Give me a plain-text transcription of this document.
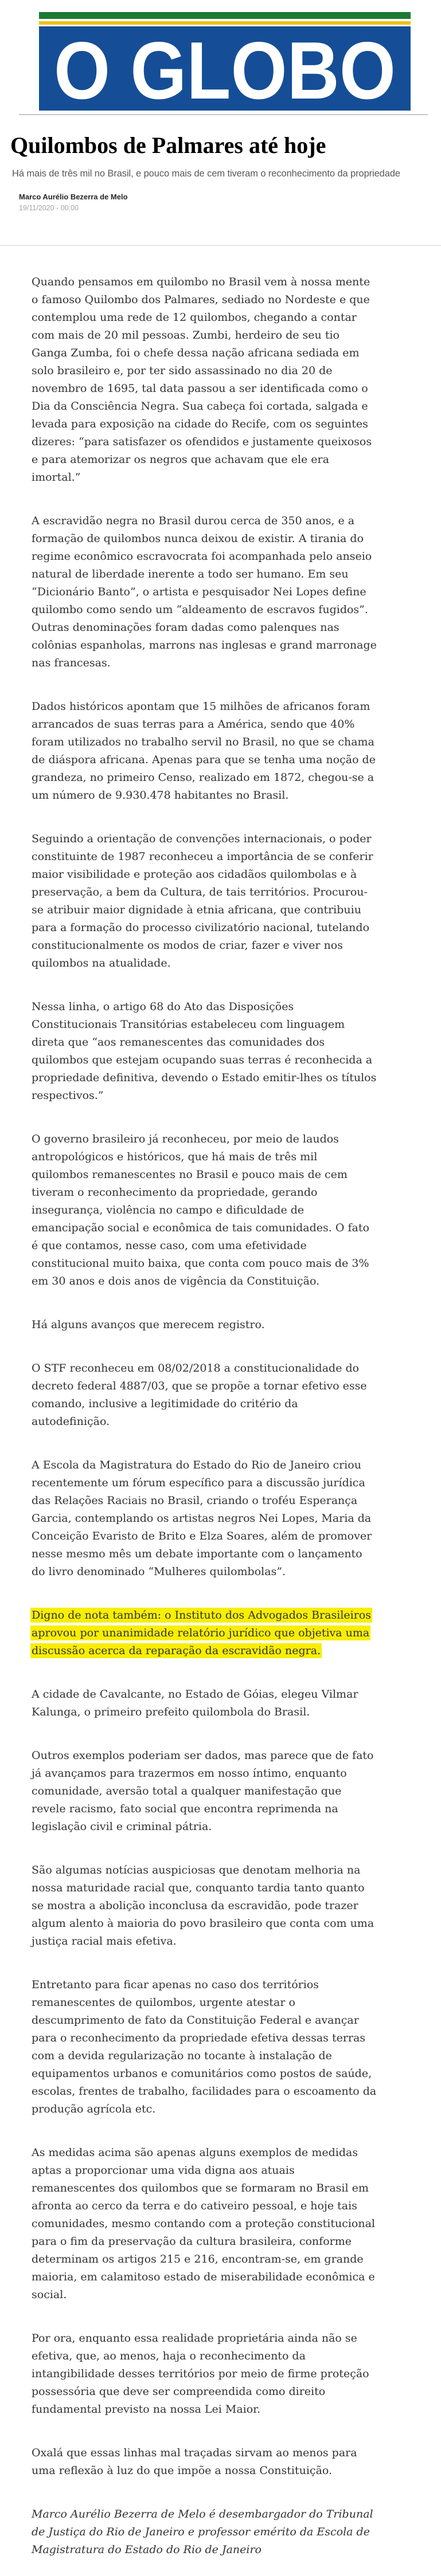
O GLOBO
Quilombos de Palmares até hoje

Há mais de três mil no Brasil, e pouco mais de cem tiveram o reconhecimento da propriedade

Marco Aurélio Bezerra de Melo
19/11/2020 - 00:00

Quando pensamos em quilombo no Brasil vem à nossa mente o famoso Quilombo dos Palmares, sediado no Nordeste e que contemplou uma rede de 12 quilombos, chegando a contar com mais de 20 mil pessoas. Zumbi, herdeiro de seu tio Ganga Zumba, foi o chefe dessa nação africana sediada em solo brasileiro e, por ter sido assassinado no dia 20 de novembro de 1695, tal data passou a ser identificada como o Dia da Consciência Negra. Sua cabeça foi cortada, salgada e levada para exposição na cidade do Recife, com os seguintes dizeres: “para satisfazer os ofendidos e justamente queixosos e para atemorizar os negros que achavam que ele era imortal.”

A escravidão negra no Brasil durou cerca de 350 anos, e a formação de quilombos nunca deixou de existir. A tirania do regime econômico escravocrata foi acompanhada pelo anseio natural de liberdade inerente a todo ser humano. Em seu “Dicionário Banto”, o artista e pesquisador Nei Lopes define quilombo como sendo um “aldeamento de escravos fugidos”. Outras denominações foram dadas como palenques nas colônias espanholas, marrons nas inglesas e grand marronage nas francesas.

Dados históricos apontam que 15 milhões de africanos foram arrancados de suas terras para a América, sendo que 40% foram utilizados no trabalho servil no Brasil, no que se chama de diáspora africana. Apenas para que se tenha uma noção de grandeza, no primeiro Censo, realizado em 1872, chegou-se a um número de 9.930.478 habitantes no Brasil.

Seguindo a orientação de convenções internacionais, o poder constituinte de 1987 reconheceu a importância de se conferir maior visibilidade e proteção aos cidadãos quilombolas e à preservação, a bem da Cultura, de tais territórios. Procurou-se atribuir maior dignidade à etnia africana, que contribuiu para a formação do processo civilizatório nacional, tutelando constitucionalmente os modos de criar, fazer e viver nos quilombos na atualidade.

Nessa linha, o artigo 68 do Ato das Disposições Constitucionais Transitórias estabeleceu com linguagem direta que “aos remanescentes das comunidades dos quilombos que estejam ocupando suas terras é reconhecida a propriedade definitiva, devendo o Estado emitir-lhes os títulos respectivos.”

O governo brasileiro já reconheceu, por meio de laudos antropológicos e históricos, que há mais de três mil quilombos remanescentes no Brasil e pouco mais de cem tiveram o reconhecimento da propriedade, gerando insegurança, violência no campo e dificuldade de emancipação social e econômica de tais comunidades. O fato é que contamos, nesse caso, com uma efetividade constitucional muito baixa, que conta com pouco mais de 3% em 30 anos e dois anos de vigência da Constituição.

Há alguns avanços que merecem registro.

O STF reconheceu em 08/02/2018 a constitucionalidade do decreto federal 4887/03, que se propõe a tornar efetivo esse comando, inclusive a legitimidade do critério da autodefinição.

A Escola da Magistratura do Estado do Rio de Janeiro criou recentemente um fórum específico para a discussão jurídica das Relações Raciais no Brasil, criando o troféu Esperança Garcia, contemplando os artistas negros Nei Lopes, Maria da Conceição Evaristo de Brito e Elza Soares, além de promover nesse mesmo mês um debate importante com o lançamento do livro denominado “Mulheres quilombolas”.

Digno de nota também: o Instituto dos Advogados Brasileiros aprovou por unanimidade relatório jurídico que objetiva uma discussão acerca da reparação da escravidão negra.

A cidade de Cavalcante, no Estado de Góias, elegeu Vilmar Kalunga, o primeiro prefeito quilombola do Brasil.

Outros exemplos poderiam ser dados, mas parece que de fato já avançamos para trazermos em nosso íntimo, enquanto comunidade, aversão total a qualquer manifestação que revele racismo, fato social que encontra reprimenda na legislação civil e criminal pátria.

São algumas notícias auspiciosas que denotam melhoria na nossa maturidade racial que, conquanto tardia tanto quanto se mostra a abolição inconclusa da escravidão, pode trazer algum alento à maioria do povo brasileiro que conta com uma justiça racial mais efetiva.

Entretanto para ficar apenas no caso dos territórios remanescentes de quilombos, urgente atestar o descumprimento de fato da Constituição Federal e avançar para o reconhecimento da propriedade efetiva dessas terras com a devida regularização no tocante à instalação de equipamentos urbanos e comunitários como postos de saúde, escolas, frentes de trabalho, facilidades para o escoamento da produção agrícola etc.

As medidas acima são apenas alguns exemplos de medidas aptas a proporcionar uma vida digna aos atuais remanescentes dos quilombos que se formaram no Brasil em afronta ao cerco da terra e do cativeiro pessoal, e hoje tais comunidades, mesmo contando com a proteção constitucional para o fim da preservação da cultura brasileira, conforme determinam os artigos 215 e 216, encontram-se, em grande maioria, em calamitoso estado de miserabilidade econômica e social.

Por ora, enquanto essa realidade proprietária ainda não se efetiva, que, ao menos, haja o reconhecimento da intangibilidade desses territórios por meio de firme proteção possessória que deve ser compreendida como direito fundamental previsto na nossa Lei Maior.

Oxalá que essas linhas mal traçadas sirvam ao menos para uma reflexão à luz do que impõe a nossa Constituição.

Marco Aurélio Bezerra de Melo é desembargador do Tribunal de Justiça do Rio de Janeiro e professor emérito da Escola de Magistratura do Estado do Rio de Janeiro
